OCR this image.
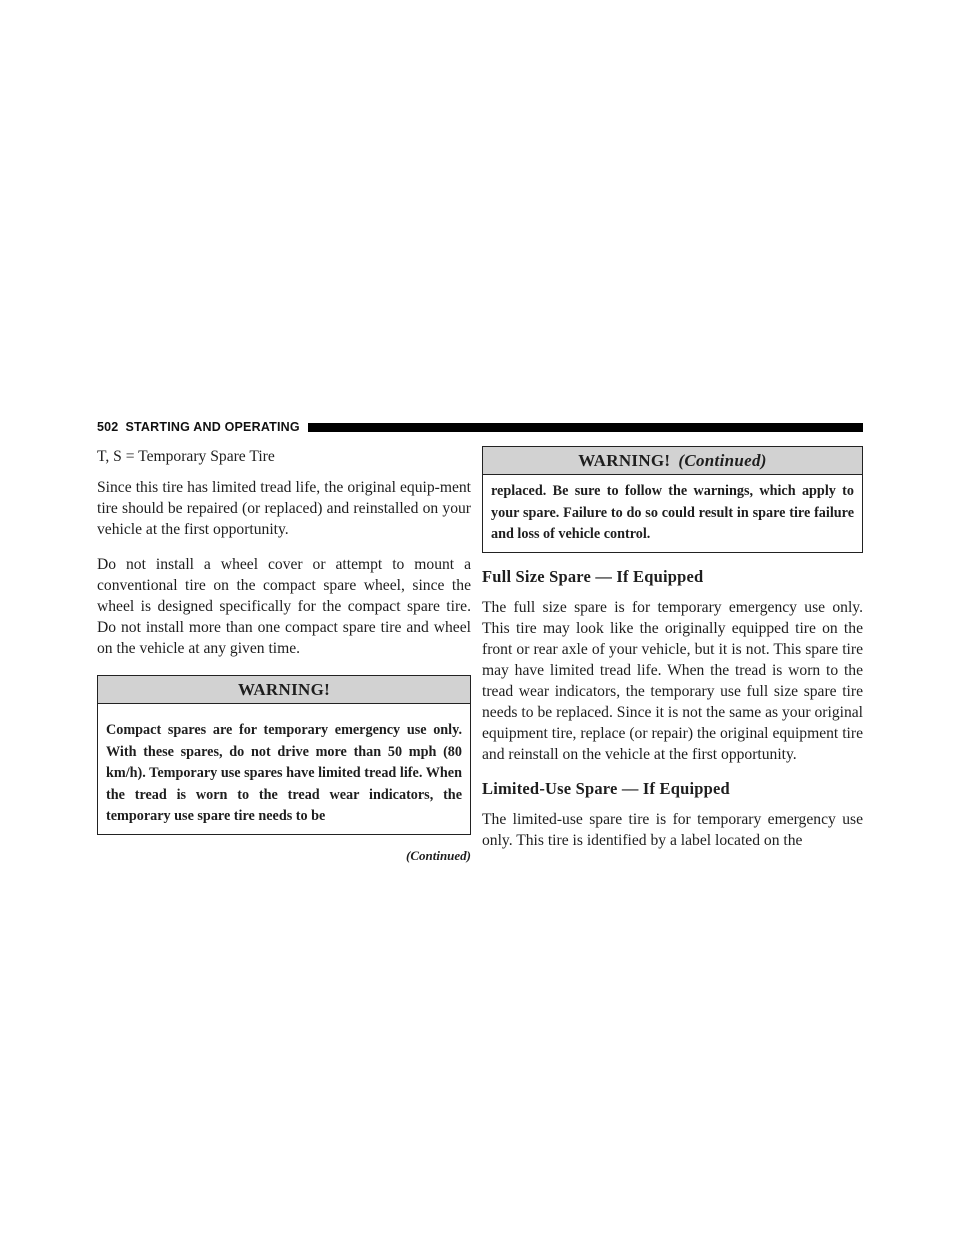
502 STARTING AND OPERATING

T, S = Temporary Spare Tire

Since this tire has limited tread life, the original equip-ment tire should be repaired (or replaced) and reinstalled on your vehicle at the first opportunity.

Do not install a wheel cover or attempt to mount a conventional tire on the compact spare wheel, since the wheel is designed specifically for the compact spare tire. Do not install more than one compact spare tire and wheel on the vehicle at any given time.

WARNING!
Compact spares are for temporary emergency use only. With these spares, do not drive more than 50 mph (80 km/h). Temporary use spares have limited tread life. When the tread is worn to the tread wear indicators, the temporary use spare tire needs to be
(Continued)
WARNING! (Continued)
replaced. Be sure to follow the warnings, which apply to your spare. Failure to do so could result in spare tire failure and loss of vehicle control.
Full Size Spare — If Equipped

The full size spare is for temporary emergency use only. This tire may look like the originally equipped tire on the front or rear axle of your vehicle, but it is not. This spare tire may have limited tread life. When the tread is worn to the tread wear indicators, the temporary use full size spare tire needs to be replaced. Since it is not the same as your original equipment tire, replace (or repair) the original equipment tire and reinstall on the vehicle at the first opportunity.

Limited-Use Spare — If Equipped

The limited-use spare tire is for temporary emergency use only. This tire is identified by a label located on the
